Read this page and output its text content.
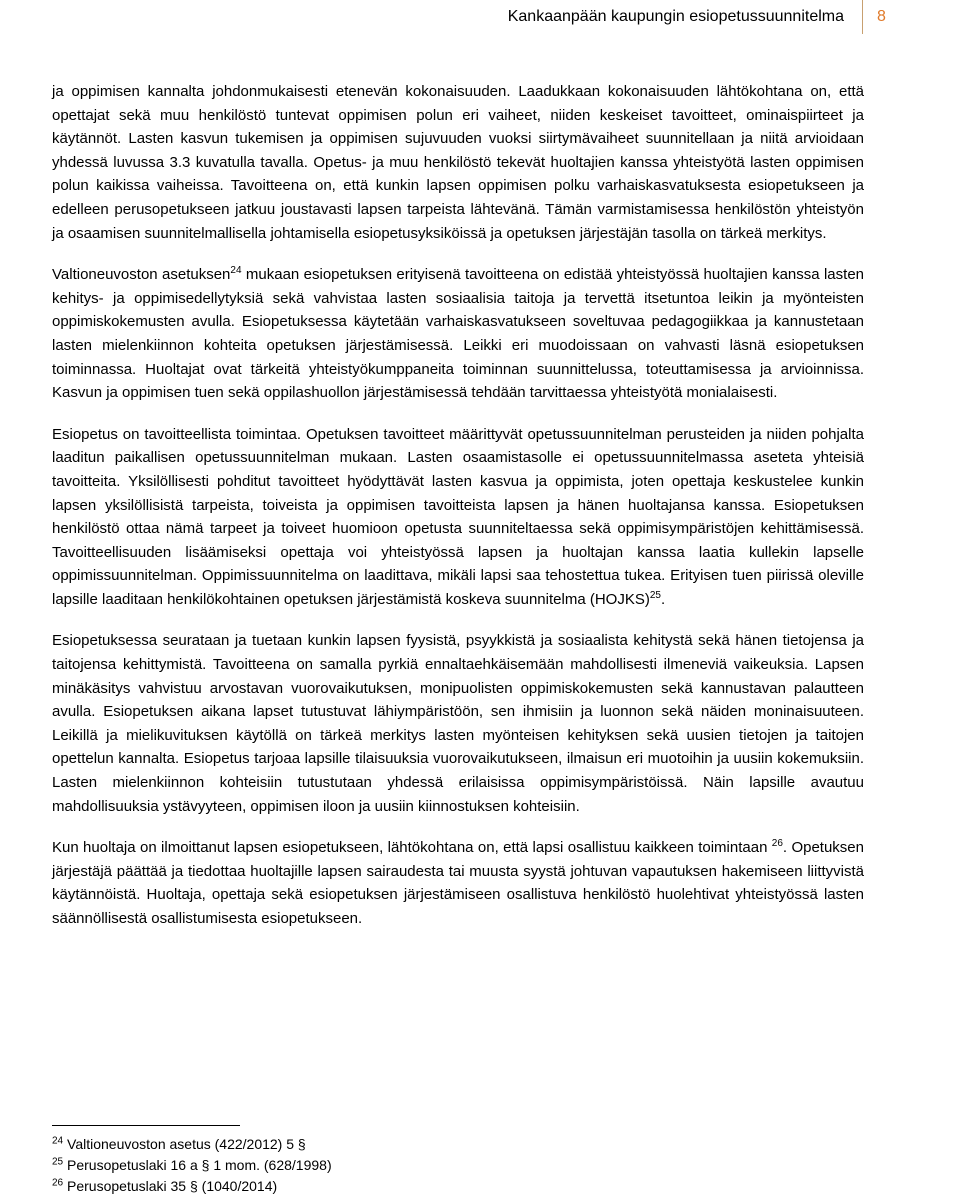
Kankaanpään kaupungin esiopetussuunnitelma 8

ja oppimisen kannalta johdonmukaisesti etenevän kokonaisuuden. Laadukkaan kokonaisuuden lähtökohtana on, että opettajat sekä muu henkilöstö tuntevat oppimisen polun eri vaiheet, niiden keskeiset tavoitteet, ominaispiirteet ja käytännöt. Lasten kasvun tukemisen ja oppimisen sujuvuuden vuoksi siirtymävaiheet suunnitellaan ja niitä arvioidaan yhdessä luvussa 3.3 kuvatulla tavalla. Opetus- ja muu henkilöstö tekevät huoltajien kanssa yhteistyötä lasten oppimisen polun kaikissa vaiheissa. Tavoitteena on, että kunkin lapsen oppimisen polku varhaiskasvatuksesta esiopetukseen ja edelleen perusopetukseen jatkuu joustavasti lapsen tarpeista lähtevänä. Tämän varmistamisessa henkilöstön yhteistyön ja osaamisen suunnitelmallisella johtamisella esiopetusyksiköissä ja opetuksen järjestäjän tasolla on tärkeä merkitys.

Valtioneuvoston asetuksen$^{24}$ mukaan esiopetuksen erityisenä tavoitteena on edistää yhteistyössä huoltajien kanssa lasten kehitys- ja oppimisedellytyksiä sekä vahvistaa lasten sosiaalisia taitoja ja tervettä itsetuntoa leikin ja myönteisten oppimiskokemusten avulla. Esiopetuksessa käytetään varhaiskasvatukseen soveltuvaa pedagogiikkaa ja kannustetaan lasten mielenkiinnon kohteita opetuksen järjestämisessä. Leikki eri muodoissaan on vahvasti läsnä esiopetuksen toiminnassa. Huoltajat ovat tärkeitä yhteistyökumppaneita toiminnan suunnittelussa, toteuttamisessa ja arvioinnissa. Kasvun ja oppimisen tuen sekä oppilashuollon järjestämisessä tehdään tarvittaessa yhteistyötä monialaisesti.

Esiopetus on tavoitteellista toimintaa. Opetuksen tavoitteet määrittyvät opetussuunnitelman perusteiden ja niiden pohjalta laaditun paikallisen opetussuunnitelman mukaan. Lasten osaamistasolle ei opetussuunnitelmassa aseteta yhteisiä tavoitteita. Yksilöllisesti pohditut tavoitteet hyödyttävät lasten kasvua ja oppimista, joten opettaja keskustelee kunkin lapsen yksilöllisistä tarpeista, toiveista ja oppimisen tavoitteista lapsen ja hänen huoltajansa kanssa. Esiopetuksen henkilöstö ottaa nämä tarpeet ja toiveet huomioon opetusta suunniteltaessa sekä oppimisympäristöjen kehittämisessä. Tavoitteellisuuden lisäämiseksi opettaja voi yhteistyössä lapsen ja huoltajan kanssa laatia kullekin lapselle oppimissuunnitelman. Oppimissuunnitelma on laadittava, mikäli lapsi saa tehostettua tukea. Erityisen tuen piirissä oleville lapsille laaditaan henkilökohtainen opetuksen järjestämistä koskeva suunnitelma (HOJKS)$^{25}$.

Esiopetuksessa seurataan ja tuetaan kunkin lapsen fyysistä, psyykkistä ja sosiaalista kehitystä sekä hänen tietojensa ja taitojensa kehittymistä. Tavoitteena on samalla pyrkiä ennaltaehkäisemään mahdollisesti ilmeneviä vaikeuksia. Lapsen minäkäsitys vahvistuu arvostavan vuorovaikutuksen, monipuolisten oppimiskokemusten sekä kannustavan palautteen avulla. Esiopetuksen aikana lapset tutustuvat lähiympäristöön, sen ihmisiin ja luonnon sekä näiden moninaisuuteen. Leikillä ja mielikuvituksen käytöllä on tärkeä merkitys lasten myönteisen kehityksen sekä uusien tietojen ja taitojen opettelun kannalta. Esiopetus tarjoaa lapsille tilaisuuksia vuorovaikutukseen, ilmaisun eri muotoihin ja uusiin kokemuksiin. Lasten mielenkiinnon kohteisiin tutustutaan yhdessä erilaisissa oppimisympäristöissä. Näin lapsille avautuu mahdollisuuksia ystävyyteen, oppimisen iloon ja uusiin kiinnostuksen kohteisiin.

Kun huoltaja on ilmoittanut lapsen esiopetukseen, lähtökohtana on, että lapsi osallistuu kaikkeen toimintaan $^{26}$. Opetuksen järjestäjä päättää ja tiedottaa huoltajille lapsen sairaudesta tai muusta syystä johtuvan vapautuksen hakemiseen liittyvistä käytännöistä. Huoltaja, opettaja sekä esiopetuksen järjestämiseen osallistuva henkilöstö huolehtivat yhteistyössä lasten säännöllisestä osallistumisesta esiopetukseen.

$^{24}$ Valtioneuvoston asetus (422/2012) 5 §
$^{25}$ Perusopetuslaki 16 a § 1 mom. (628/1998)
$^{26}$ Perusopetuslaki 35 § (1040/2014)
